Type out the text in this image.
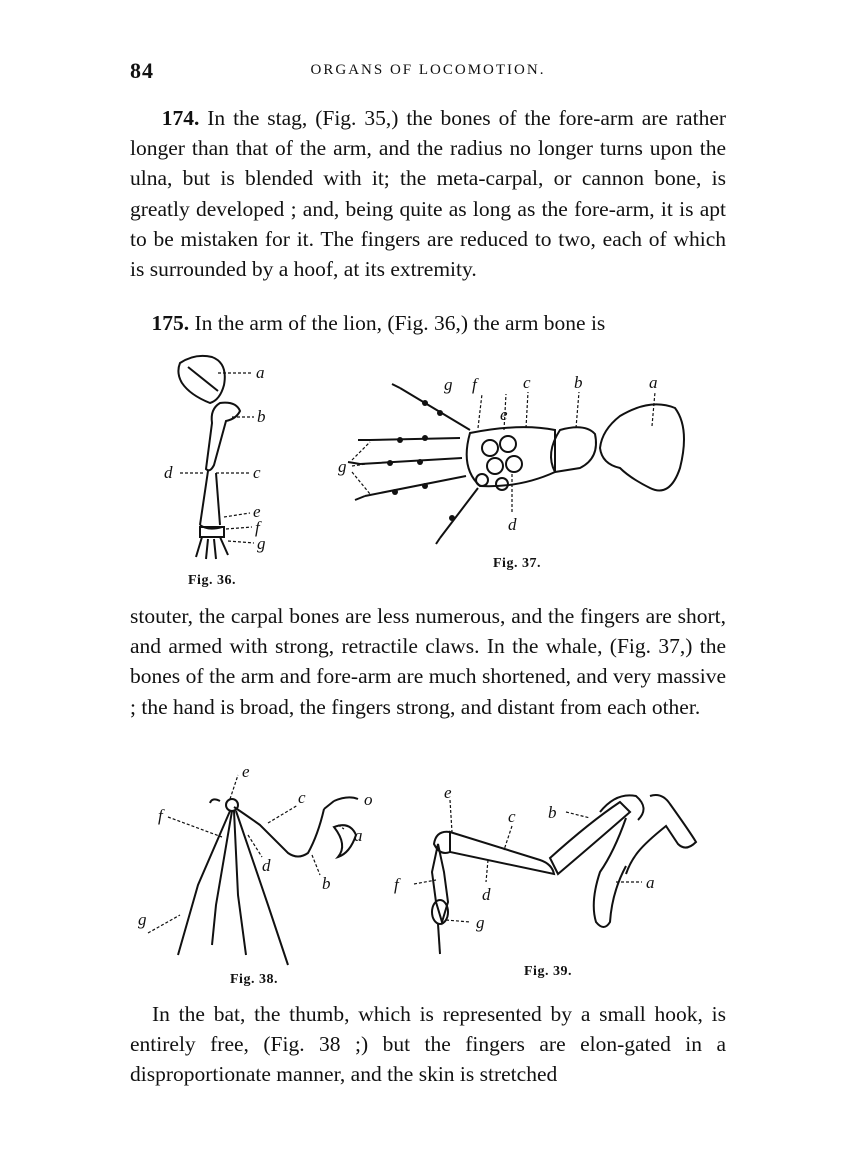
84	ORGANS OF LOCOMOTION.

174. In the stag, (Fig. 35,) the bones of the fore-arm are rather longer than that of the arm, and the radius no longer turns upon the ulna, but is blended with it; the meta-carpal, or cannon bone, is greatly developed ; and, being quite as long as the fore-arm, it is apt to be mistaken for it. The fingers are reduced to two, each of which is surrounded by a hoof, at its extremity.

175. In the arm of the lion, (Fig. 36,) the arm bone is

a
b
c
d
e
f
g
Fig. 36.
g f
e
c	b	a
g
d
Fig. 37.

stouter, the carpal bones are less numerous, and the fingers are short, and armed with strong, retractile claws. In the whale, (Fig. 37,) the bones of the arm and fore-arm are much shortened, and very massive ; the hand is broad, the fingers strong, and distant from each other.

e
f
c	o
a
d
b
g
Fig. 38.
e
c b
f
d
g
a
Fig. 39.

In the bat, the thumb, which is represented by a small hook, is entirely free, (Fig. 38 ;) but the fingers are elon-gated in a disproportionate manner, and the skin is stretched
